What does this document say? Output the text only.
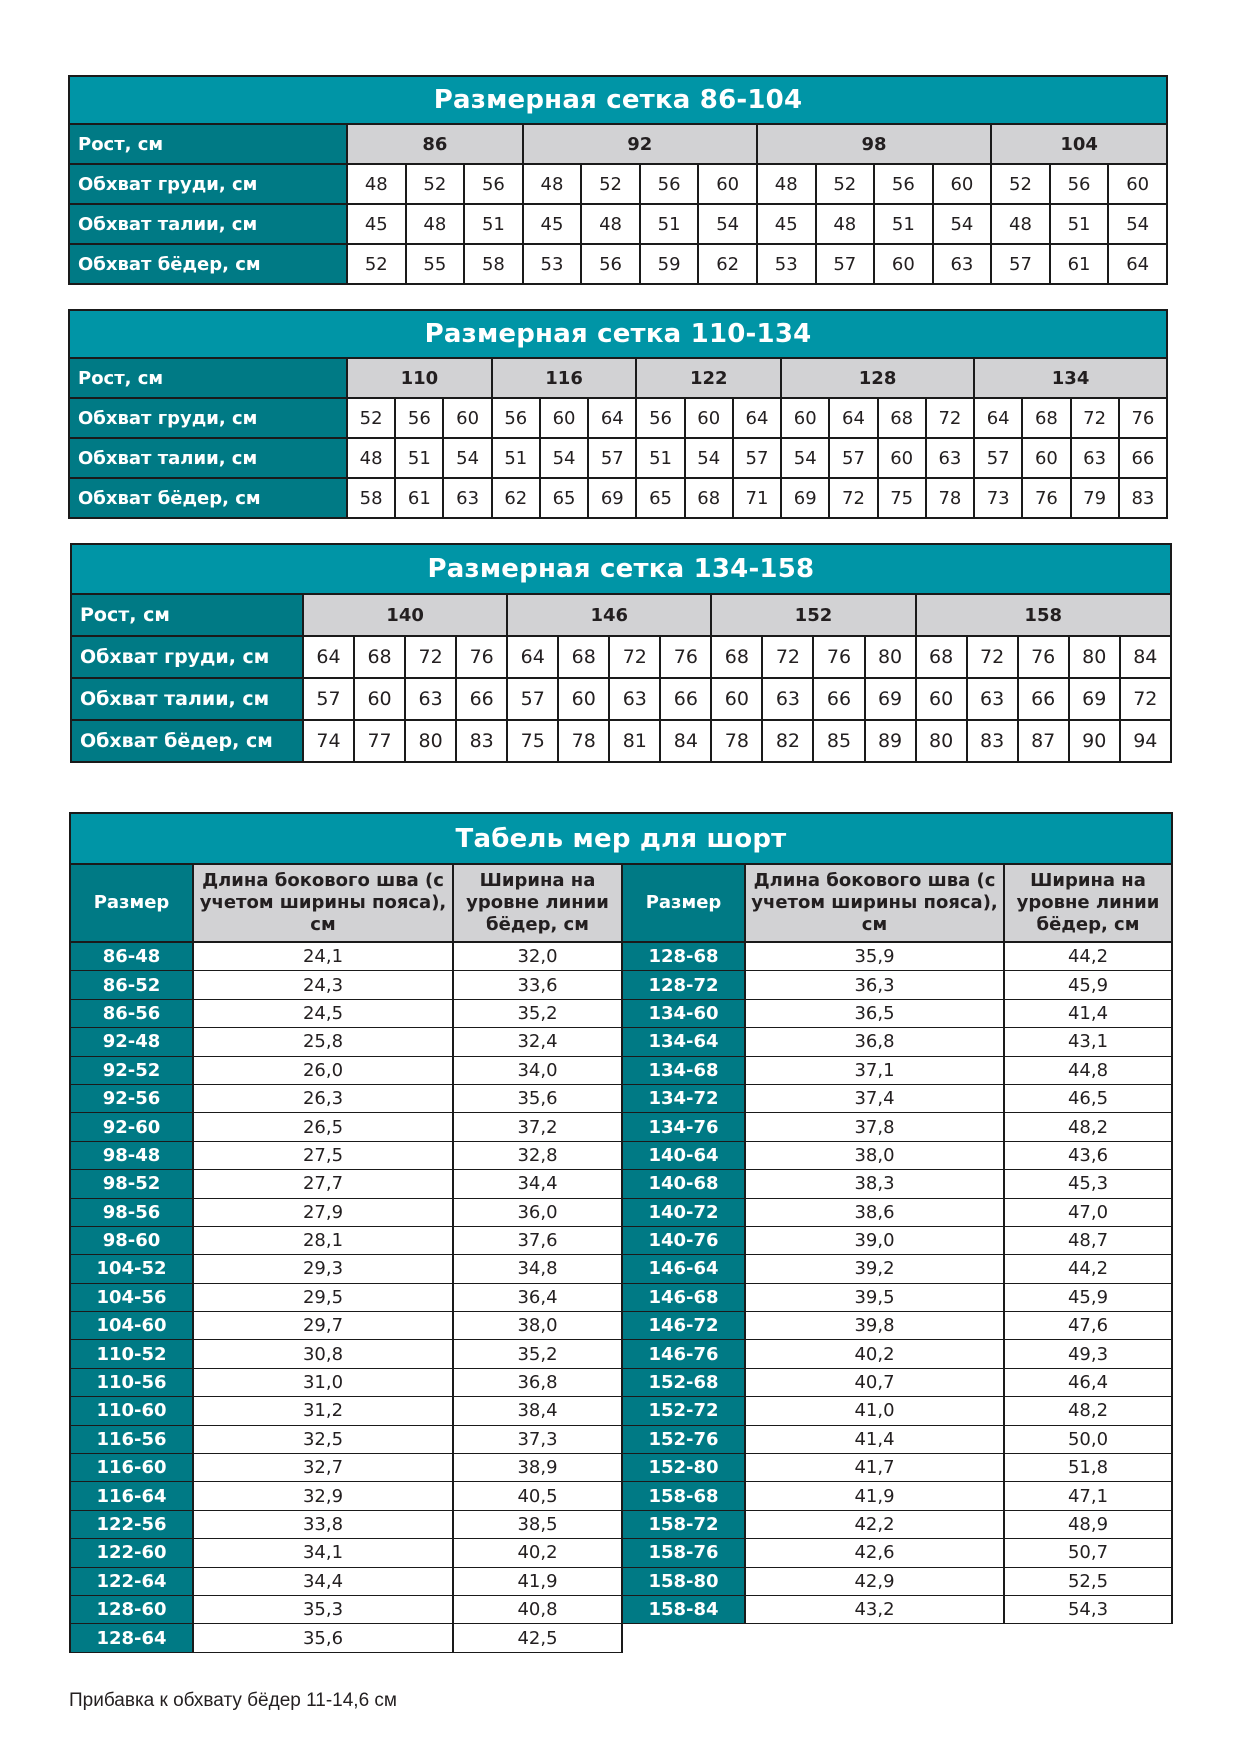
Размерная сетка 86-104														
Рост, см	86			92				98				104		
Обхват груди, см	48	52	56	48	52	56	60	48	52	56	60	52	56	60
Обхват талии, см	45	48	51	45	48	51	54	45	48	51	54	48	51	54
Обхват бёдер, см	52	55	58	53	56	59	62	53	57	60	63	57	61	64
Размерная сетка 110-134																	
Рост, см	110			116			122			128				134			
Обхват груди, см	52	56	60	56	60	64	56	60	64	60	64	68	72	64	68	72	76
Обхват талии, см	48	51	54	51	54	57	51	54	57	54	57	60	63	57	60	63	66
Обхват бёдер, см	58	61	63	62	65	69	65	68	71	69	72	75	78	73	76	79	83
Размерная сетка 134-158																	
Рост, см	140				146				152				158				
Обхват груди, см	64	68	72	76	64	68	72	76	68	72	76	80	68	72	76	80	84
Обхват талии, см	57	60	63	66	57	60	63	66	60	63	66	69	60	63	66	69	72
Обхват бёдер, см	74	77	80	83	75	78	81	84	78	82	85	89	80	83	87	90	94
Табель мер для шорт					
Размер	Длина бокового шва (с учетом ширины пояса), см	Ширина на уровне линии бёдер, см	Размер	Длина бокового шва (с учетом ширины пояса), см	Ширина на уровне линии бёдер, см
86-48	24,1	32,0	128-68	35,9	44,2
86-52	24,3	33,6	128-72	36,3	45,9
86-56	24,5	35,2	134-60	36,5	41,4
92-48	25,8	32,4	134-64	36,8	43,1
92-52	26,0	34,0	134-68	37,1	44,8
92-56	26,3	35,6	134-72	37,4	46,5
92-60	26,5	37,2	134-76	37,8	48,2
98-48	27,5	32,8	140-64	38,0	43,6
98-52	27,7	34,4	140-68	38,3	45,3
98-56	27,9	36,0	140-72	38,6	47,0
98-60	28,1	37,6	140-76	39,0	48,7
104-52	29,3	34,8	146-64	39,2	44,2
104-56	29,5	36,4	146-68	39,5	45,9
104-60	29,7	38,0	146-72	39,8	47,6
110-52	30,8	35,2	146-76	40,2	49,3
110-56	31,0	36,8	152-68	40,7	46,4
110-60	31,2	38,4	152-72	41,0	48,2
116-56	32,5	37,3	152-76	41,4	50,0
116-60	32,7	38,9	152-80	41,7	51,8
116-64	32,9	40,5	158-68	41,9	47,1
122-56	33,8	38,5	158-72	42,2	48,9
122-60	34,1	40,2	158-76	42,6	50,7
122-64	34,4	41,9	158-80	42,9	52,5
128-60	35,3	40,8	158-84	43,2	54,3
128-64	35,6	42,5			
Прибавка к обхвату бёдер 11-14,6 см
